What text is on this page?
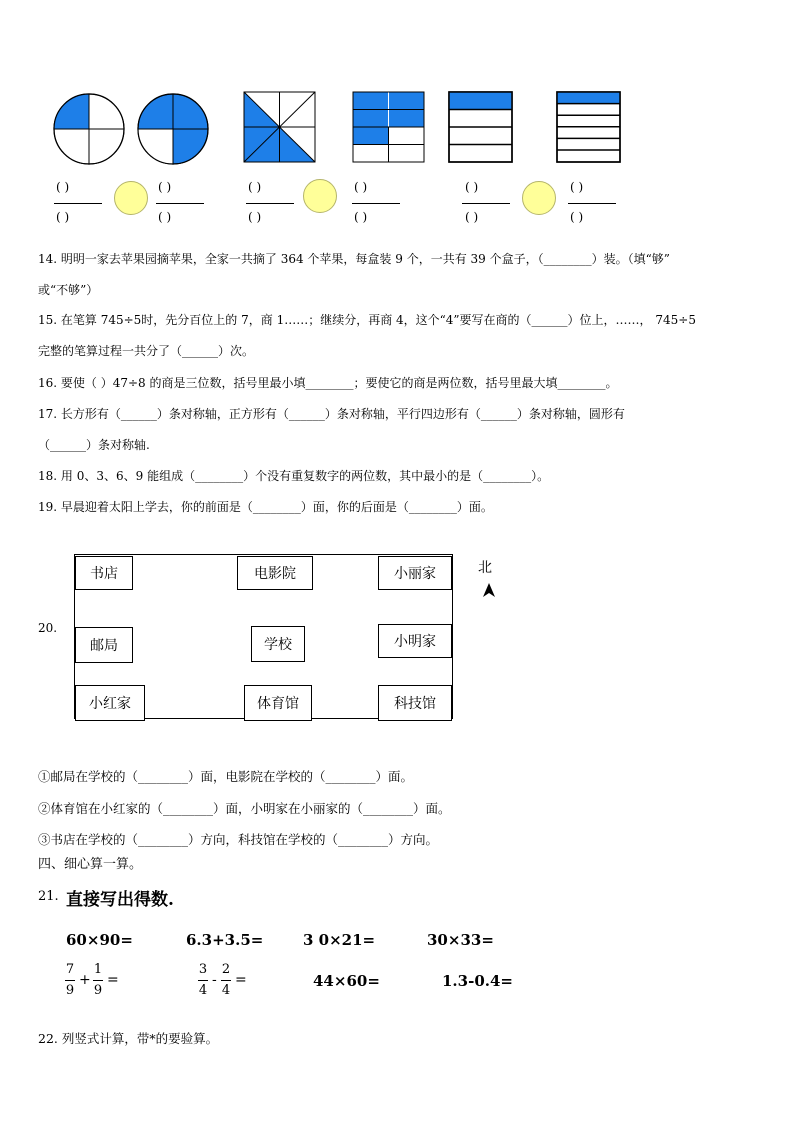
( )
( )
( )
( )
( )
( )
( )
( )
( )
( )
( )
( )
14. 明明一家去苹果园摘苹果，全家一共摘了 364 个苹果，每盒装 9 个，一共有 39 个盒子，（________）装。（填“够”
或“不够”）
15. 在笔算 745÷5时，先分百位上的 7，商 1……；继续分，再商 4，这个“4”要写在商的（______）位上，……， 745÷5
完整的笔算过程一共分了（______）次。
16. 要使（ ）47÷8 的商是三位数，括号里最小填________；要使它的商是两位数，括号里最大填________。
17. 长方形有（______）条对称轴，正方形有（______）条对称轴，平行四边形有（______）条对称轴，圆形有
（______）条对称轴.
18. 用 0、3、6、9 能组成（________）个没有重复数字的两位数，其中最小的是（________）。
19. 早晨迎着太阳上学去，你的前面是（________）面，你的后面是（________）面。
20.
书店	电影院	小丽家
邮局	学校	小明家
小红家	体育馆	科技馆
北
①邮局在学校的（________）面，电影院在学校的（________）面。
②体育馆在小红家的（________）面，小明家在小丽家的（________）面。
③书店在学校的（________）方向，科技馆在学校的（________）方向。
四、细心算一算。
21. 直接写出得数.
60×90=	6.3+3.5=	3 0×21=	30×33=
7
9
+
1
9
=
3
4
-
2
4
=	44×60=	1.3-0.4=
22. 列竖式计算，带*的要验算。
